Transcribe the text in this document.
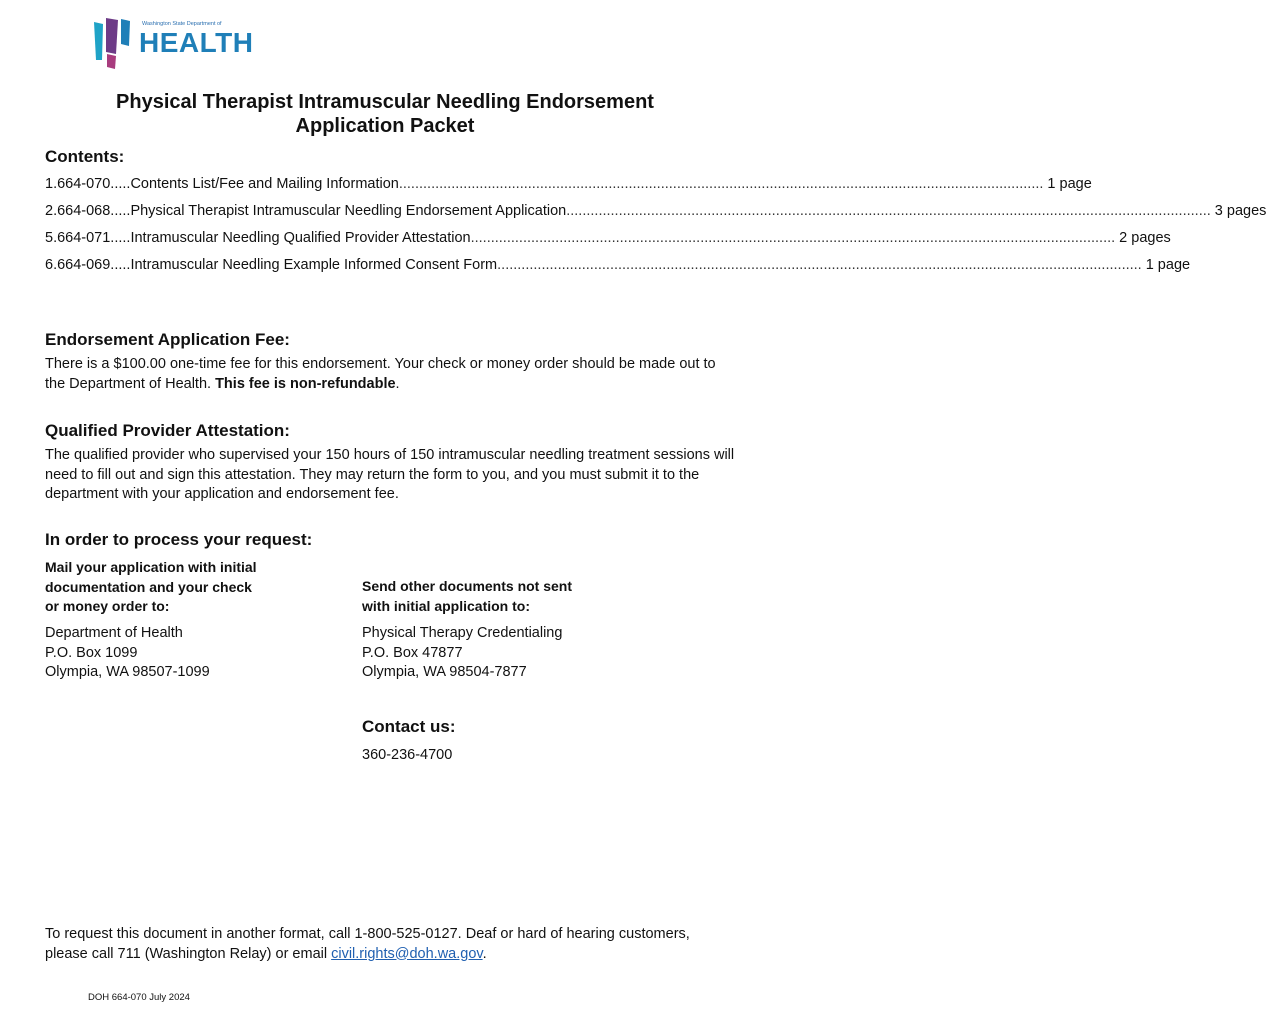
Washington State Department of
HEALTH
Physical Therapist Intramuscular Needling Endorsement
Application Packet
Contents:
1. 664-070.....Contents List/Fee and Mailing Information .....	1 page
2. 664-068.....Physical Therapist Intramuscular Needling Endorsement Application .....	3 pages
5. 664-071.....Intramuscular Needling Qualified Provider Attestation .....	2 pages
6. 664-069.....Intramuscular Needling Example Informed Consent Form .....	1 page
Endorsement Application Fee:
There is a $100.00 one-time fee for this endorsement. Your check or money order should be made out to the Department of Health. This fee is non-refundable.
Qualified Provider Attestation:
The qualified provider who supervised your 150 hours of 150 intramuscular needling treatment sessions will need to fill out and sign this attestation. They may return the form to you, and you must submit it to the department with your application and endorsement fee.
In order to process your request:
Mail your application with initial
documentation and your check
or money order to:
Department of Health
P.O. Box 1099
Olympia, WA 98507-1099
Send other documents not sent
with initial application to:
Physical Therapy Credentialing
P.O. Box 47877
Olympia, WA 98504-7877
Contact us:
360-236-4700
To request this document in another format, call 1-800-525-0127. Deaf or hard of hearing customers, please call 711 (Washington Relay) or email civil.rights@doh.wa.gov.
DOH 664-070 July 2024
